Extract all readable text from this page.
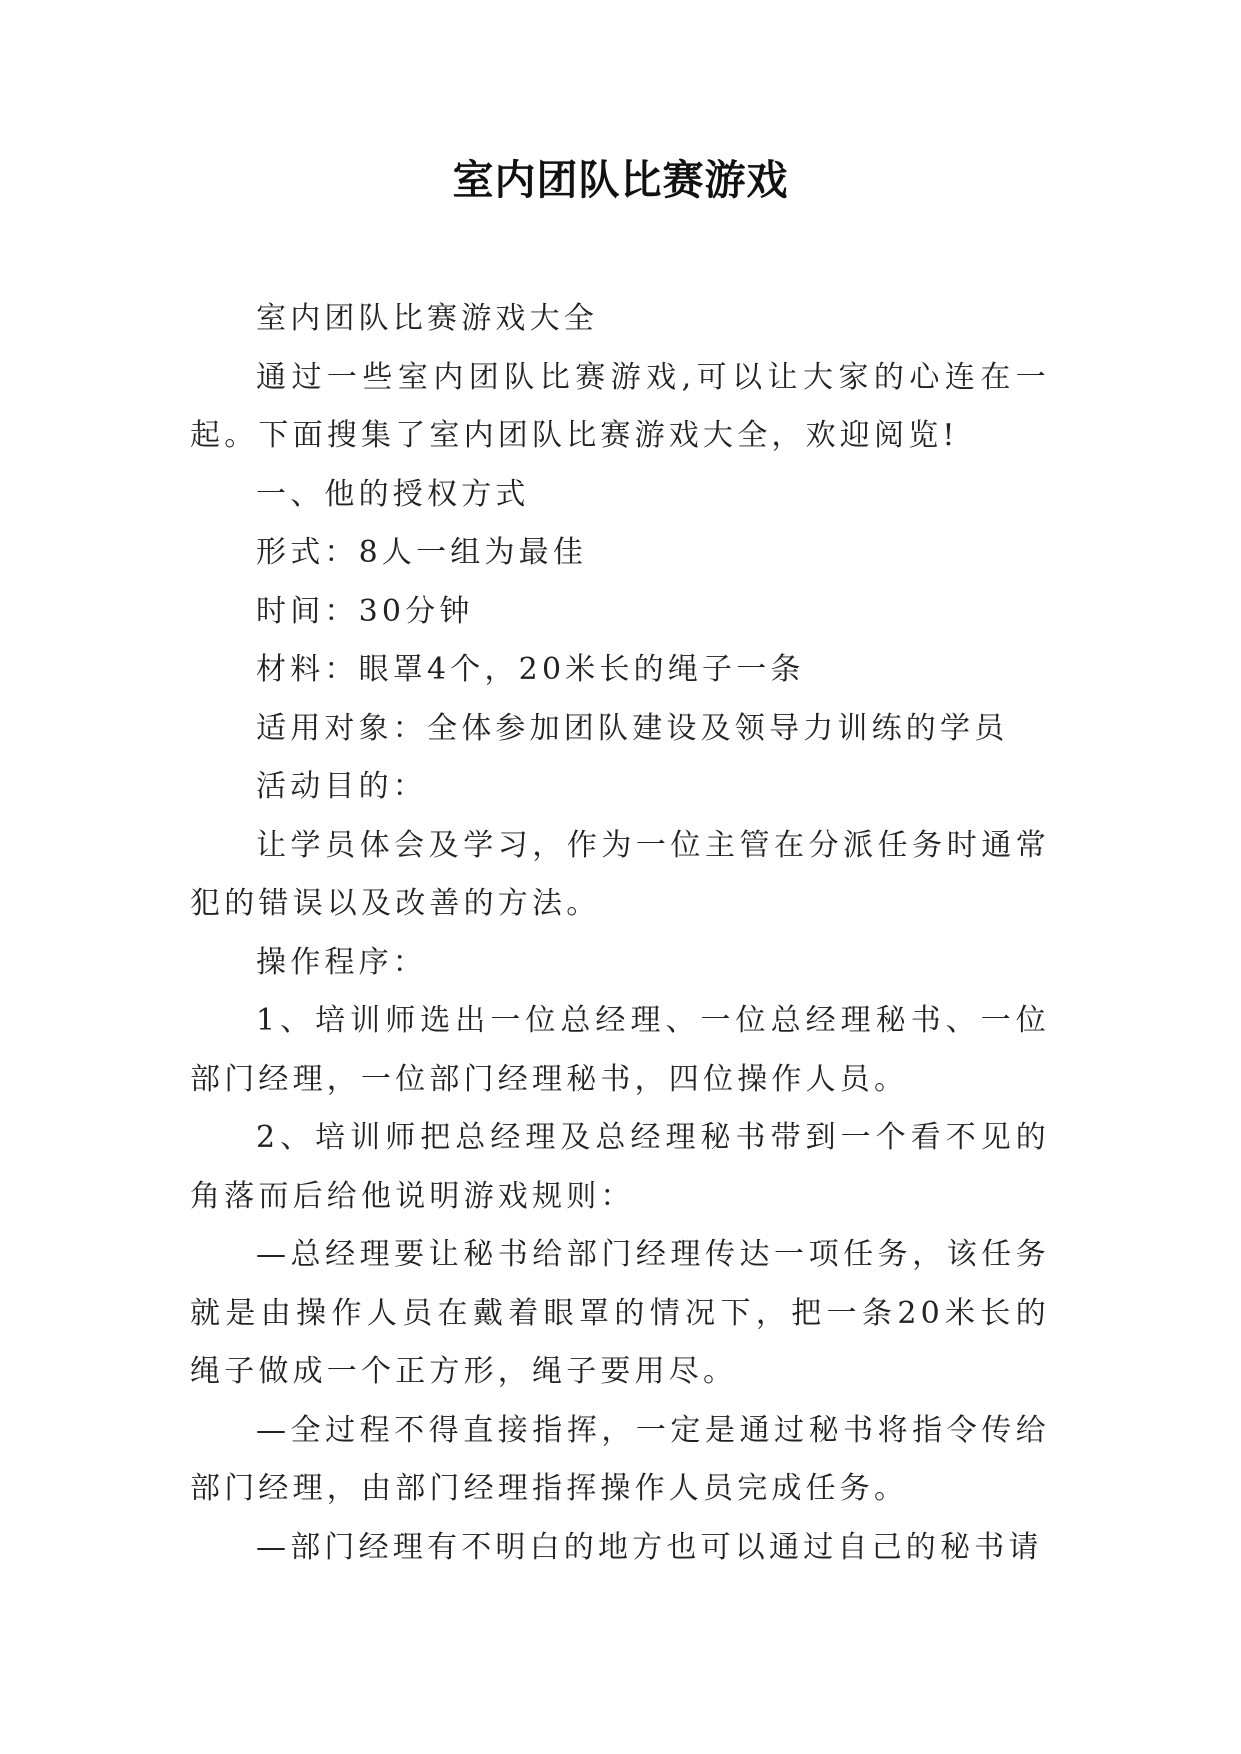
室内团队比赛游戏

室内团队比赛游戏大全

通过一些室内团队比赛游戏,可以让大家的心连在一起。下面搜集了室内团队比赛游戏大全，欢迎阅览!

一、他的授权方式

形式：8人一组为最佳

时间：30分钟

材料：眼罩4个，20米长的绳子一条

适用对象：全体参加团队建设及领导力训练的学员

活动目的：

让学员体会及学习，作为一位主管在分派任务时通常犯的错误以及改善的方法。

操作程序：

1、培训师选出一位总经理、一位总经理秘书、一位部门经理，一位部门经理秘书，四位操作人员。

2、培训师把总经理及总经理秘书带到一个看不见的角落而后给他说明游戏规则：

—总经理要让秘书给部门经理传达一项任务，该任务就是由操作人员在戴着眼罩的情况下，把一条20米长的绳子做成一个正方形，绳子要用尽。

—全过程不得直接指挥，一定是通过秘书将指令传给部门经理，由部门经理指挥操作人员完成任务。

—部门经理有不明白的地方也可以通过自己的秘书请
